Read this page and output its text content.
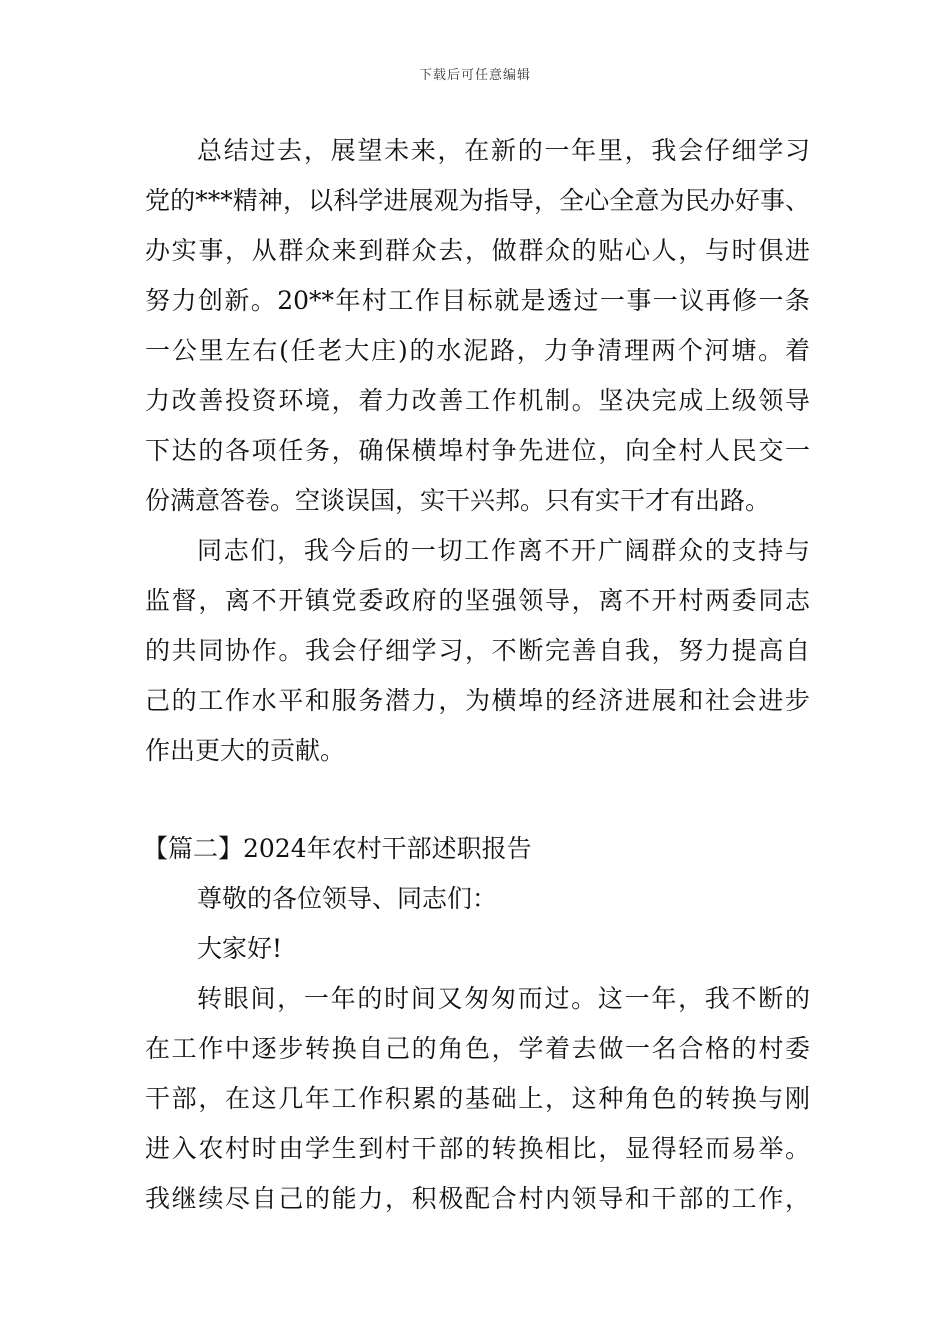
下载后可任意编辑
总结过去，展望未来，在新的一年里，我会仔细学习
党的***精神，以科学进展观为指导，全心全意为民办好事、
办实事，从群众来到群众去，做群众的贴心人，与时俱进
努力创新。20**年村工作目标就是透过一事一议再修一条
一公里左右(任老大庄)的水泥路，力争清理两个河塘。着
力改善投资环境，着力改善工作机制。坚决完成上级领导
下达的各项任务，确保横埠村争先进位，向全村人民交一
份满意答卷。空谈误国，实干兴邦。只有实干才有出路。
同志们，我今后的一切工作离不开广阔群众的支持与
监督，离不开镇党委政府的坚强领导，离不开村两委同志
的共同协作。我会仔细学习，不断完善自我，努力提高自
己的工作水平和服务潜力，为横埠的经济进展和社会进步
作出更大的贡献。
【篇二】2024年农村干部述职报告
尊敬的各位领导、同志们：
大家好!
转眼间，一年的时间又匆匆而过。这一年，我不断的
在工作中逐步转换自己的角色，学着去做一名合格的村委
干部，在这几年工作积累的基础上，这种角色的转换与刚
进入农村时由学生到村干部的转换相比，显得轻而易举。
我继续尽自己的能力，积极配合村内领导和干部的工作，
